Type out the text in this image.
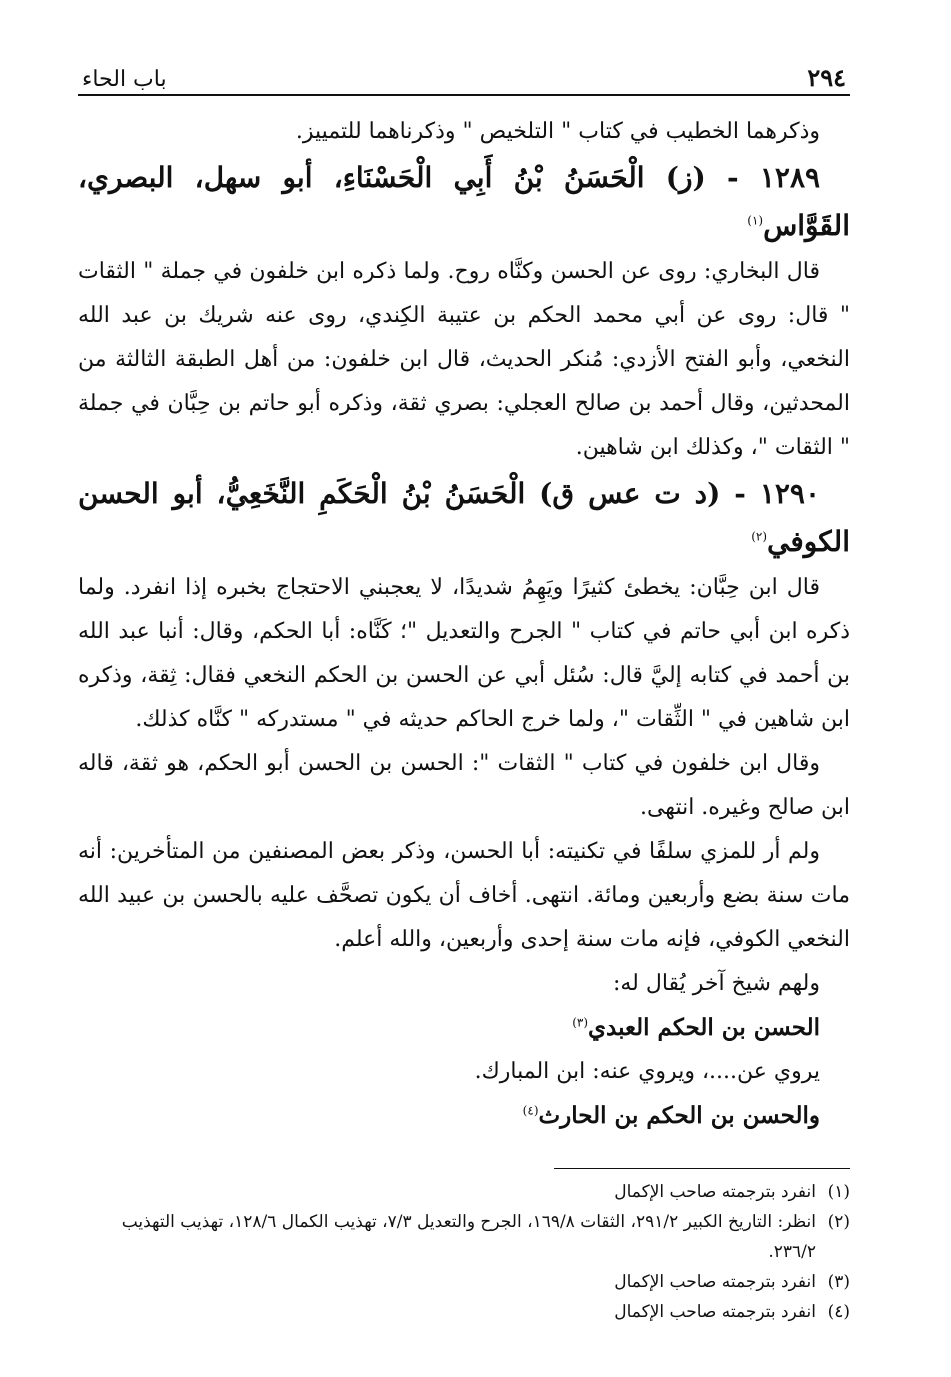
٢٩٤
باب الحاء

وذكرهما الخطيب في كتاب " التلخيص " وذكرناهما للتمييز.

١٢٨٩ - (ز) الْحَسَنُ بْنُ أَبِي الْحَسْنَاءِ، أبو سهل، البصري، القَوَّاس$^{(١)}$

قال البخاري: روى عن الحسن وكنَّاه روح. ولما ذكره ابن خلفون في جملة " الثقات " قال: روى عن أبي محمد الحكم بن عتيبة الكِندي، روى عنه شريك بن عبد الله النخعي، وأبو الفتح الأزدي: مُنكر الحديث، قال ابن خلفون: من أهل الطبقة الثالثة من المحدثين، وقال أحمد بن صالح العجلي: بصري ثقة، وذكره أبو حاتم بن حِبَّان في جملة " الثقات "، وكذلك ابن شاهين.

١٢٩٠ - (د ت عس ق) الْحَسَنُ بْنُ الْحَكَمِ النَّخَعِيُّ، أبو الحسن الكوفي$^{(٢)}$

قال ابن حِبَّان: يخطئ كثيرًا ويَهِمُ شديدًا، لا يعجبني الاحتجاج بخبره إذا انفرد. ولما ذكره ابن أبي حاتم في كتاب " الجرح والتعديل "؛ كَنَّاه: أبا الحكم، وقال: أنبا عبد الله بن أحمد في كتابه إليَّ قال: سُئل أبي عن الحسن بن الحكم النخعي فقال: ثِقة، وذكره ابن شاهين في " الثِّقات "، ولما خرج الحاكم حديثه في " مستدركه " كنَّاه كذلك.

وقال ابن خلفون في كتاب " الثقات ": الحسن بن الحسن أبو الحكم، هو ثقة، قاله ابن صالح وغيره. انتهى.

ولم أر للمزي سلفًا في تكنيته: أبا الحسن، وذكر بعض المصنفين من المتأخرين: أنه مات سنة بضع وأربعين ومائة. انتهى. أخاف أن يكون تصحَّف عليه بالحسن بن عبيد الله النخعي الكوفي، فإنه مات سنة إحدى وأربعين، والله أعلم.

ولهم شيخ آخر يُقال له:

الحسن بن الحكم العبدي$^{(٣)}$

يروي عن....، ويروي عنه: ابن المبارك.

والحسن بن الحكم بن الحارث$^{(٤)}$

(١)
انفرد بترجمته صاحب الإكمال
(٢)
انظر: التاريخ الكبير ٢٩١/٢، الثقات ١٦٩/٨، الجرح والتعديل ٧/٣، تهذيب الكمال ١٢٨/٦، تهذيب التهذيب ٢٣٦/٢.
(٣)
انفرد بترجمته صاحب الإكمال
(٤)
انفرد بترجمته صاحب الإكمال
